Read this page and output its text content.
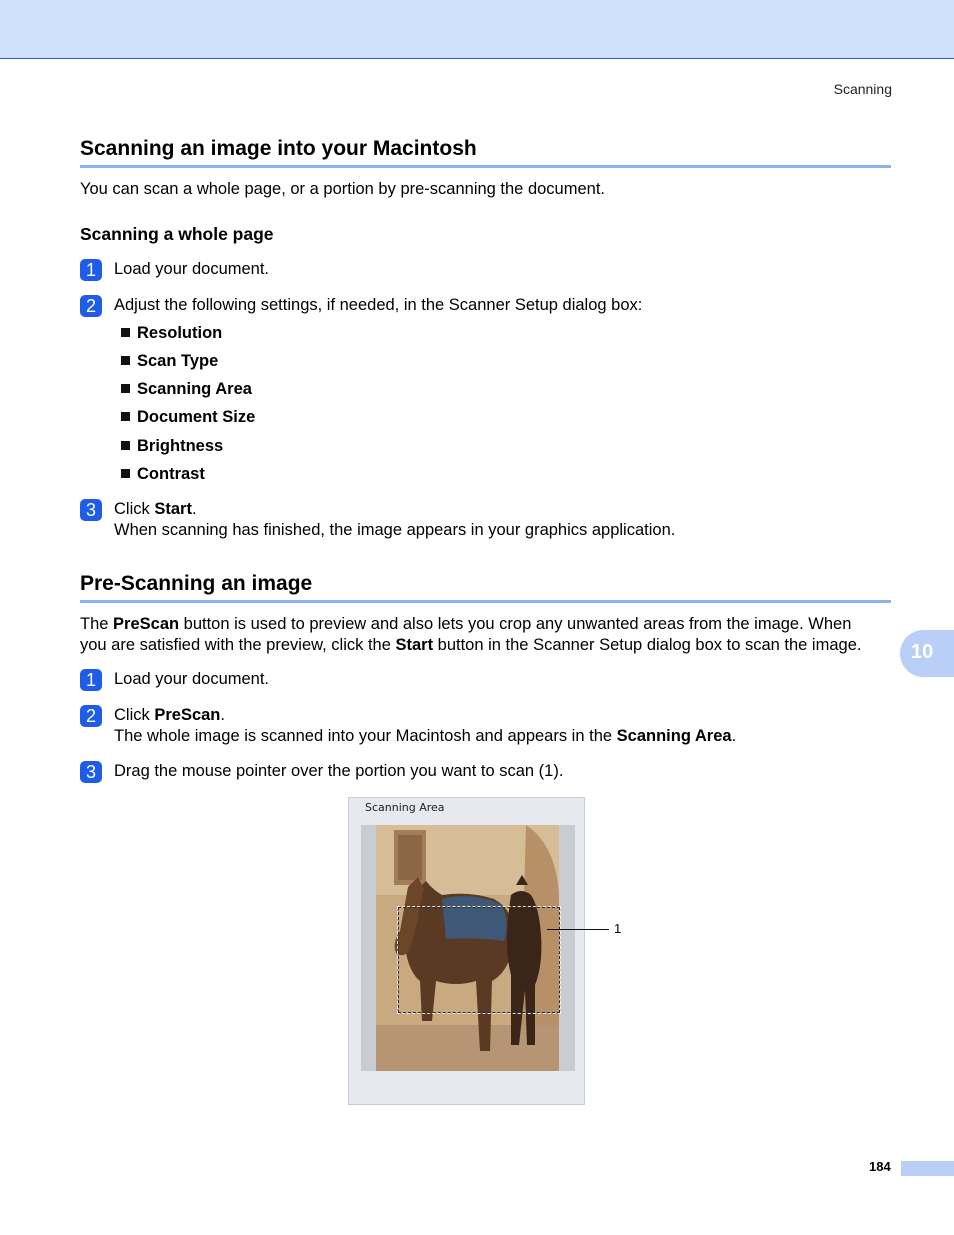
Scanning
Scanning an image into your Macintosh
You can scan a whole page, or a portion by pre-scanning the document.
Scanning a whole page
1	Load your document.
2	Adjust the following settings, if needed, in the Scanner Setup dialog box:
Resolution
Scan Type
Scanning Area
Document Size
Brightness
Contrast
3	Click Start.
When scanning has finished, the image appears in your graphics application.
Pre-Scanning an image
The PreScan button is used to preview and also lets you crop any unwanted areas from the image. When
you are satisfied with the preview, click the Start button in the Scanner Setup dialog box to scan the image.
1	Load your document.
2	Click PreScan.
The whole image is scanned into your Macintosh and appears in the Scanning Area.
3	Drag the mouse pointer over the portion you want to scan (1).
10
Scanning Area
1
184
